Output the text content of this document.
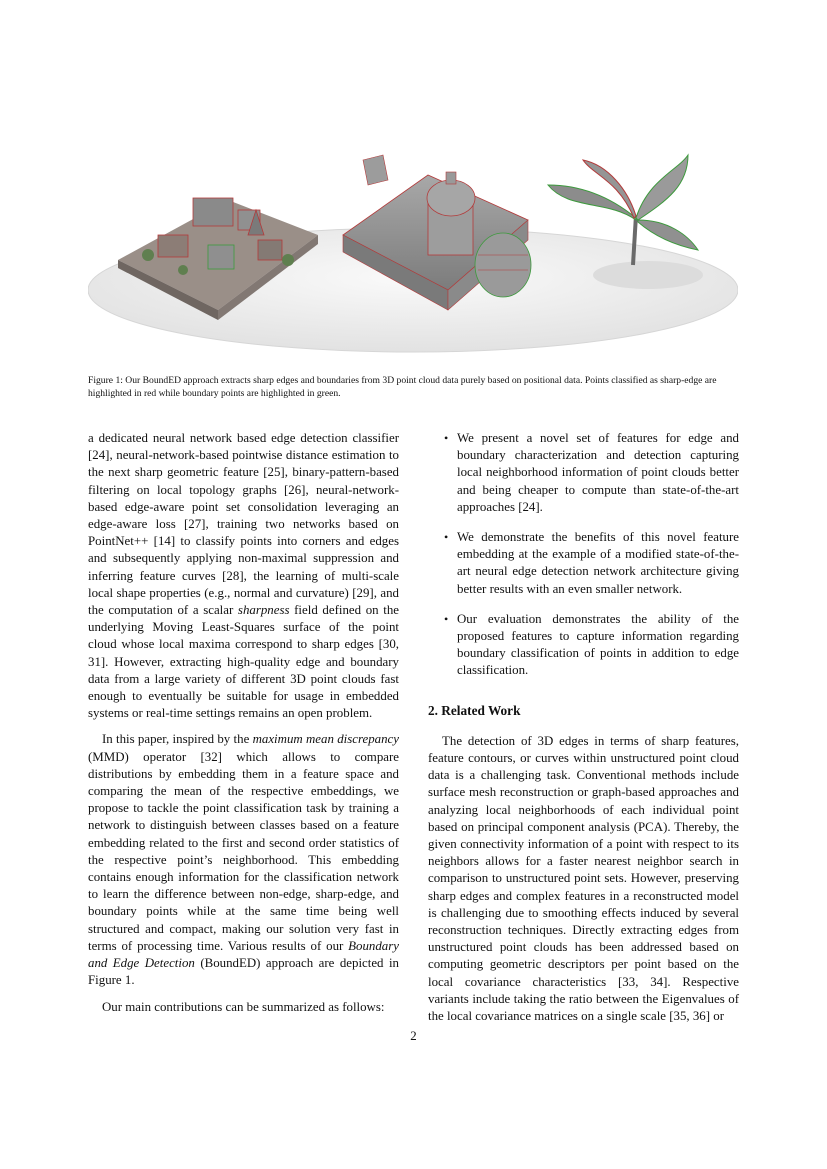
Figure 1: Our BoundED approach extracts sharp edges and boundaries from 3D point cloud data purely based on positional data. Points classified as sharp-edge are highlighted in red while boundary points are highlighted in green.

a dedicated neural network based edge detection classifier [24], neural-network-based pointwise distance estimation to the next sharp geometric feature [25], binary-pattern-based filtering on local topology graphs [26], neural-network-based edge-aware point set consolidation leveraging an edge-aware loss [27], training two networks based on PointNet++ [14] to classify points into corners and edges and subsequently applying non-maximal suppression and inferring feature curves [28], the learning of multi-scale local shape properties (e.g., normal and curvature) [29], and the computation of a scalar sharpness field defined on the underlying Moving Least-Squares surface of the point cloud whose local maxima correspond to sharp edges [30, 31]. However, extracting high-quality edge and boundary data from a large variety of different 3D point clouds fast enough to eventually be suitable for usage in embedded systems or real-time settings remains an open problem.

In this paper, inspired by the maximum mean discrepancy (MMD) operator [32] which allows to compare distributions by embedding them in a feature space and comparing the mean of the respective embeddings, we propose to tackle the point classification task by training a network to distinguish between classes based on a feature embedding related to the first and second order statistics of the respective point’s neighborhood. This embedding contains enough information for the classification network to learn the difference between non-edge, sharp-edge, and boundary points while at the same time being well structured and compact, making our solution very fast in terms of processing time. Various results of our Boundary and Edge Detection (BoundED) approach are depicted in Figure 1.

Our main contributions can be summarized as follows:

• We present a novel set of features for edge and boundary characterization and detection capturing local neighborhood information of point clouds better and being cheaper to compute than state-of-the-art approaches [24].
• We demonstrate the benefits of this novel feature embedding at the example of a modified state-of-the-art neural edge detection network architecture giving better results with an even smaller network.
• Our evaluation demonstrates the ability of the proposed features to capture information regarding boundary classification of points in addition to edge classification.
2. Related Work

The detection of 3D edges in terms of sharp features, feature contours, or curves within unstructured point cloud data is a challenging task. Conventional methods include surface mesh reconstruction or graph-based approaches and analyzing local neighborhoods of each individual point based on principal component analysis (PCA). Thereby, the given connectivity information of a point with respect to its neighbors allows for a faster nearest neighbor search in comparison to unstructured point sets. However, preserving sharp edges and complex features in a reconstructed model is challenging due to smoothing effects induced by several reconstruction techniques. Directly extracting edges from unstructured point clouds has been addressed based on computing geometric descriptors per point based on the local covariance characteristics [33, 34]. Respective variants include taking the ratio between the Eigenvalues of the local covariance matrices on a single scale [35, 36] or

2
